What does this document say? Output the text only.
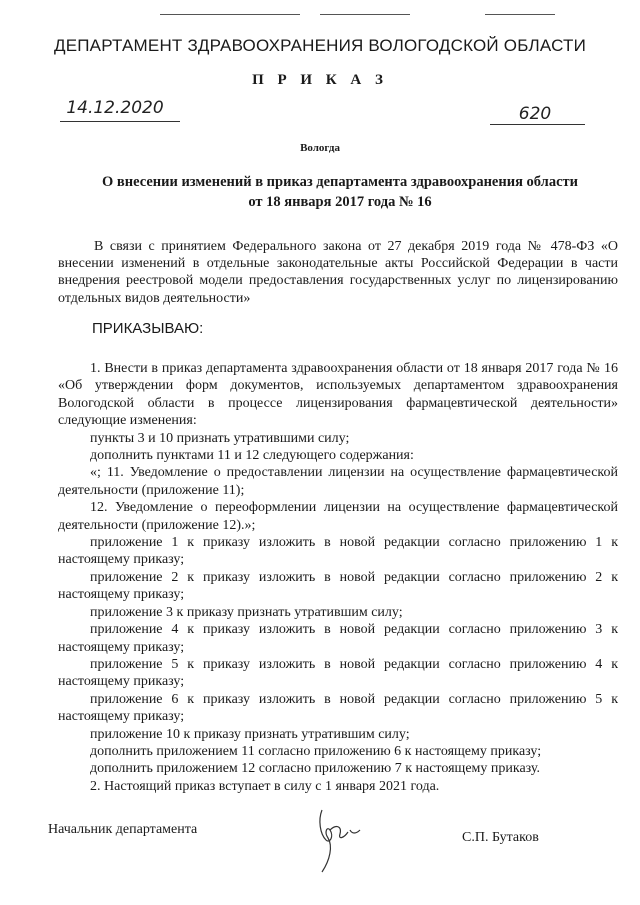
ДЕПАРТАМЕНТ ЗДРАВООХРАНЕНИЯ ВОЛОГОДСКОЙ ОБЛАСТИ
П Р И К А З
14.12.2020	620
Вологда
О внесении изменений в приказ департамента здравоохранения области
от 18 января 2017 года № 16

В связи с принятием Федерального закона от 27 декабря 2019 года № 478-ФЗ «О внесении изменений в отдельные законодательные акты Российской Федерации в части внедрения реестровой модели предоставления государственных услуг по лицензированию отдельных видов деятельности»

ПРИКАЗЫВАЮ:

1. Внести в приказ департамента здравоохранения области от 18 января 2017 года № 16 «Об утверждении форм документов, используемых департаментом здравоохранения Вологодской области в процессе лицензирования фармацевтической деятельности» следующие изменения:

пункты 3 и 10 признать утратившими силу;

дополнить пунктами 11 и 12 следующего содержания:

«; 11. Уведомление о предоставлении лицензии на осуществление фармацевтической деятельности (приложение 11);

12. Уведомление о переоформлении лицензии на осуществление фармацевтической деятельности (приложение 12).»;

приложение 1 к приказу изложить в новой редакции согласно приложению 1 к настоящему приказу;

приложение 2 к приказу изложить в новой редакции согласно приложению 2 к настоящему приказу;

приложение 3 к приказу признать утратившим силу;

приложение 4 к приказу изложить в новой редакции согласно приложению 3 к настоящему приказу;

приложение 5 к приказу изложить в новой редакции согласно приложению 4 к настоящему приказу;

приложение 6 к приказу изложить в новой редакции согласно приложению 5 к настоящему приказу;

приложение 10 к приказу признать утратившим силу;

дополнить приложением 11 согласно приложению 6 к настоящему приказу;

дополнить приложением 12 согласно приложению 7 к настоящему приказу.

2. Настоящий приказ вступает в силу с 1 января 2021 года.

Начальник департамента
С.П. Бутаков
